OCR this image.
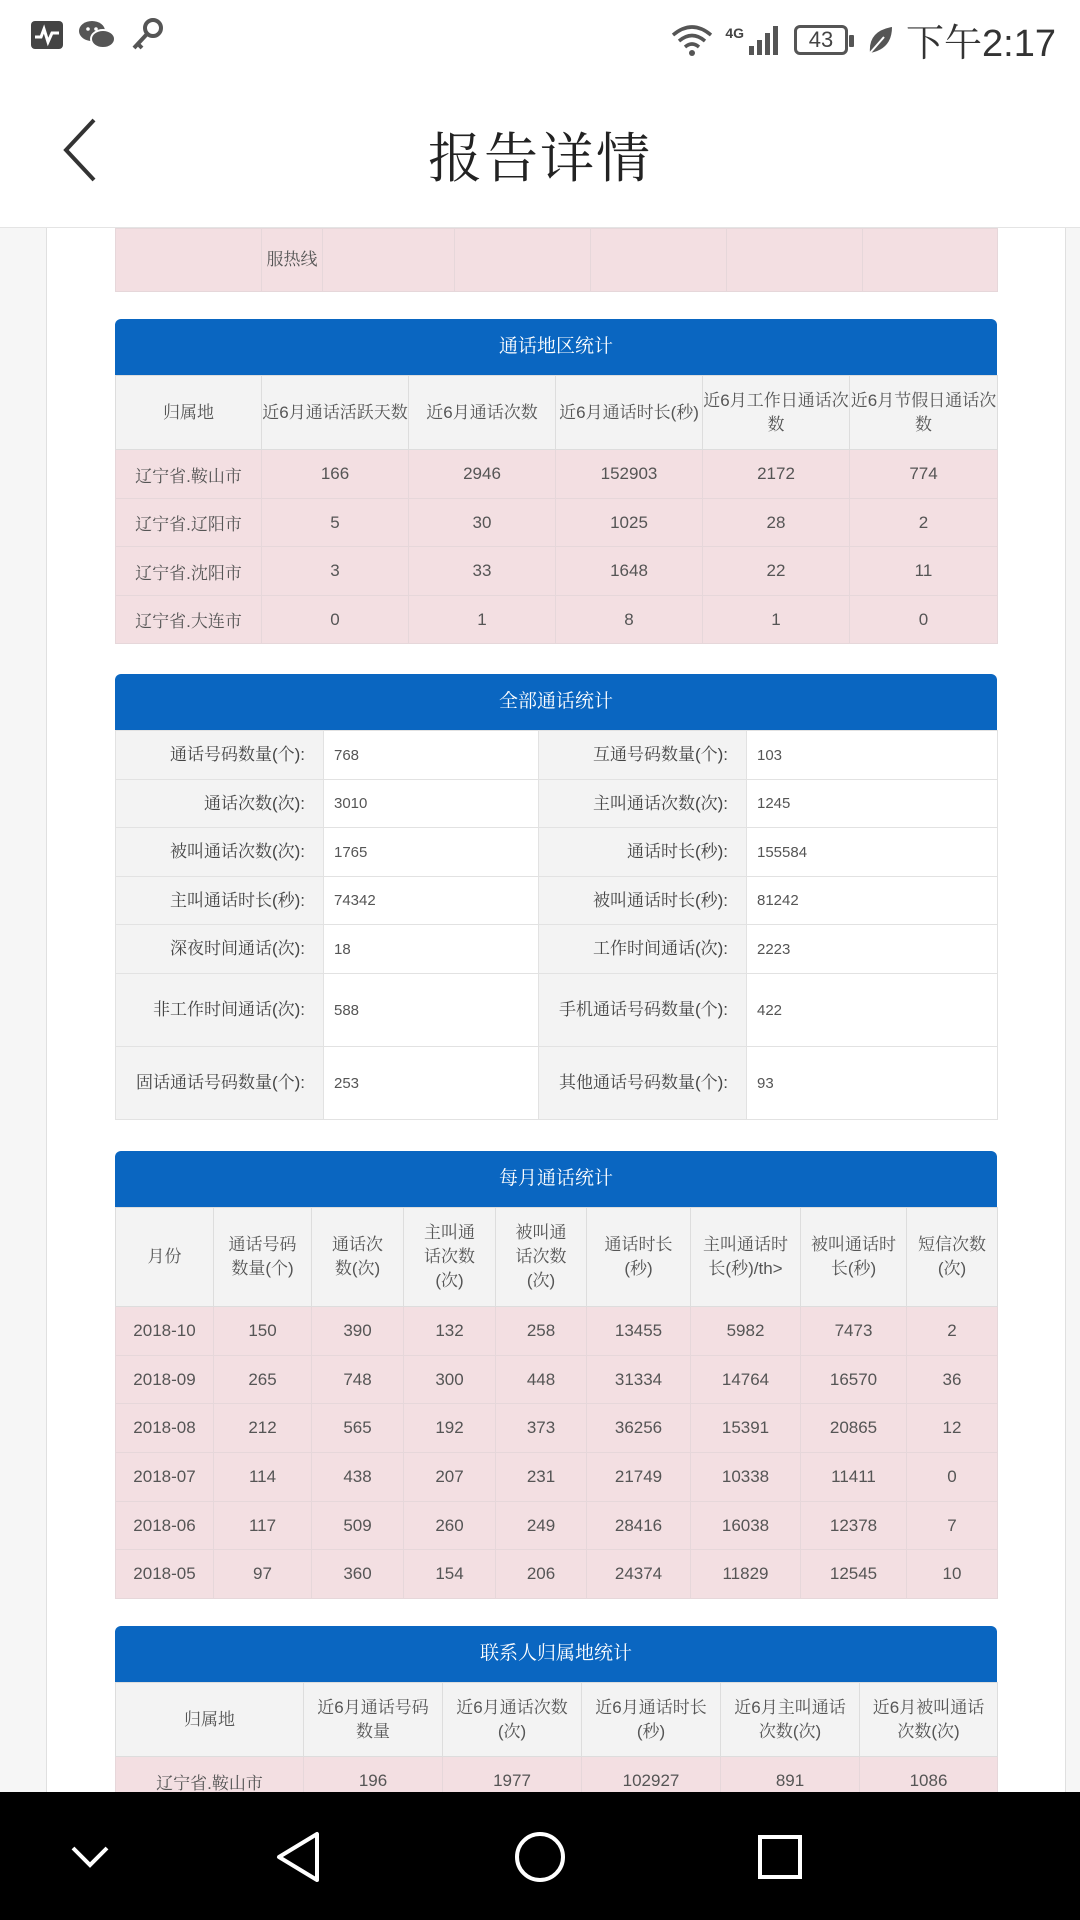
4G	43	下午2:17
报告详情
	服热线					
通话地区统计
归属地	近6月通话活跃天数	近6月通话次数	近6月通话时长(秒)	近6月工作日通话次数	近6月节假日通话次数
辽宁省.鞍山市	166	2946	152903	2172	774
辽宁省.辽阳市	5	30	1025	28	2
辽宁省.沈阳市	3	33	1648	22	11
辽宁省.大连市	0	1	8	1	0
全部通话统计
通话号码数量(个):	768	互通号码数量(个):	103
通话次数(次):	3010	主叫通话次数(次):	1245
被叫通话次数(次):	1765	通话时长(秒):	155584
主叫通话时长(秒):	74342	被叫通话时长(秒):	81242
深夜时间通话(次):	18	工作时间通话(次):	2223
非工作时间通话(次):	588	手机通话号码数量(个):	422
固话通话号码数量(个):	253	其他通话号码数量(个):	93
每月通话统计
月份	通话号码数量(个)	通话次数(次)	主叫通话次数(次)	被叫通话次数(次)	通话时长(秒)	主叫通话时长(秒)/th>	被叫通话时长(秒)	短信次数(次)
2018-10	150	390	132	258	13455	5982	7473	2
2018-09	265	748	300	448	31334	14764	16570	36
2018-08	212	565	192	373	36256	15391	20865	12
2018-07	114	438	207	231	21749	10338	11411	0
2018-06	117	509	260	249	28416	16038	12378	7
2018-05	97	360	154	206	24374	11829	12545	10
联系人归属地统计
归属地	近6月通话号码数量	近6月通话次数(次)	近6月通话时长(秒)	近6月主叫通话次数(次)	近6月被叫通话次数(次)
辽宁省.鞍山市	196	1977	102927	891	1086
